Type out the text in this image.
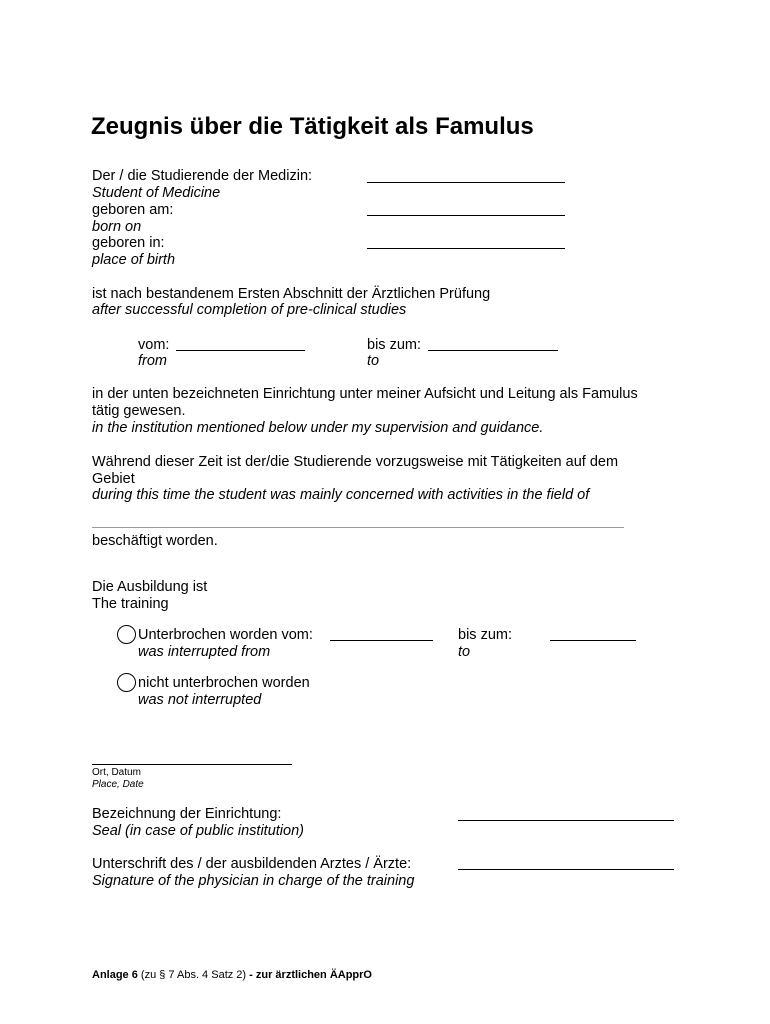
Zeugnis über die Tätigkeit als Famulus
Der / die Studierende der Medizin:
Student of Medicine
geboren am:
born on
geboren in:
place of birth
ist nach bestandenem Ersten Abschnitt der Ärztlichen Prüfung
after successful completion of pre-clinical studies
vom:
from
bis zum:
to
in der unten bezeichneten Einrichtung unter meiner Aufsicht und Leitung als Famulus
tätig gewesen.
in the institution mentioned below under my supervision and guidance.
Während dieser Zeit ist der/die Studierende vorzugsweise mit Tätigkeiten auf dem
Gebiet
during this time the student was mainly concerned with activities in the field of
beschäftigt worden.
Die Ausbildung ist
The training
Unterbrochen worden vom:
was interrupted from
bis zum:
to
nicht unterbrochen worden
was not interrupted
Ort, Datum
Place, Date
Bezeichnung der Einrichtung:
Seal (in case of public institution)
Unterschrift des / der ausbildenden Arztes / Ärzte:
Signature of the physician in charge of the training
Anlage 6 (zu § 7 Abs. 4 Satz 2) - zur ärztlichen ÄApprO
